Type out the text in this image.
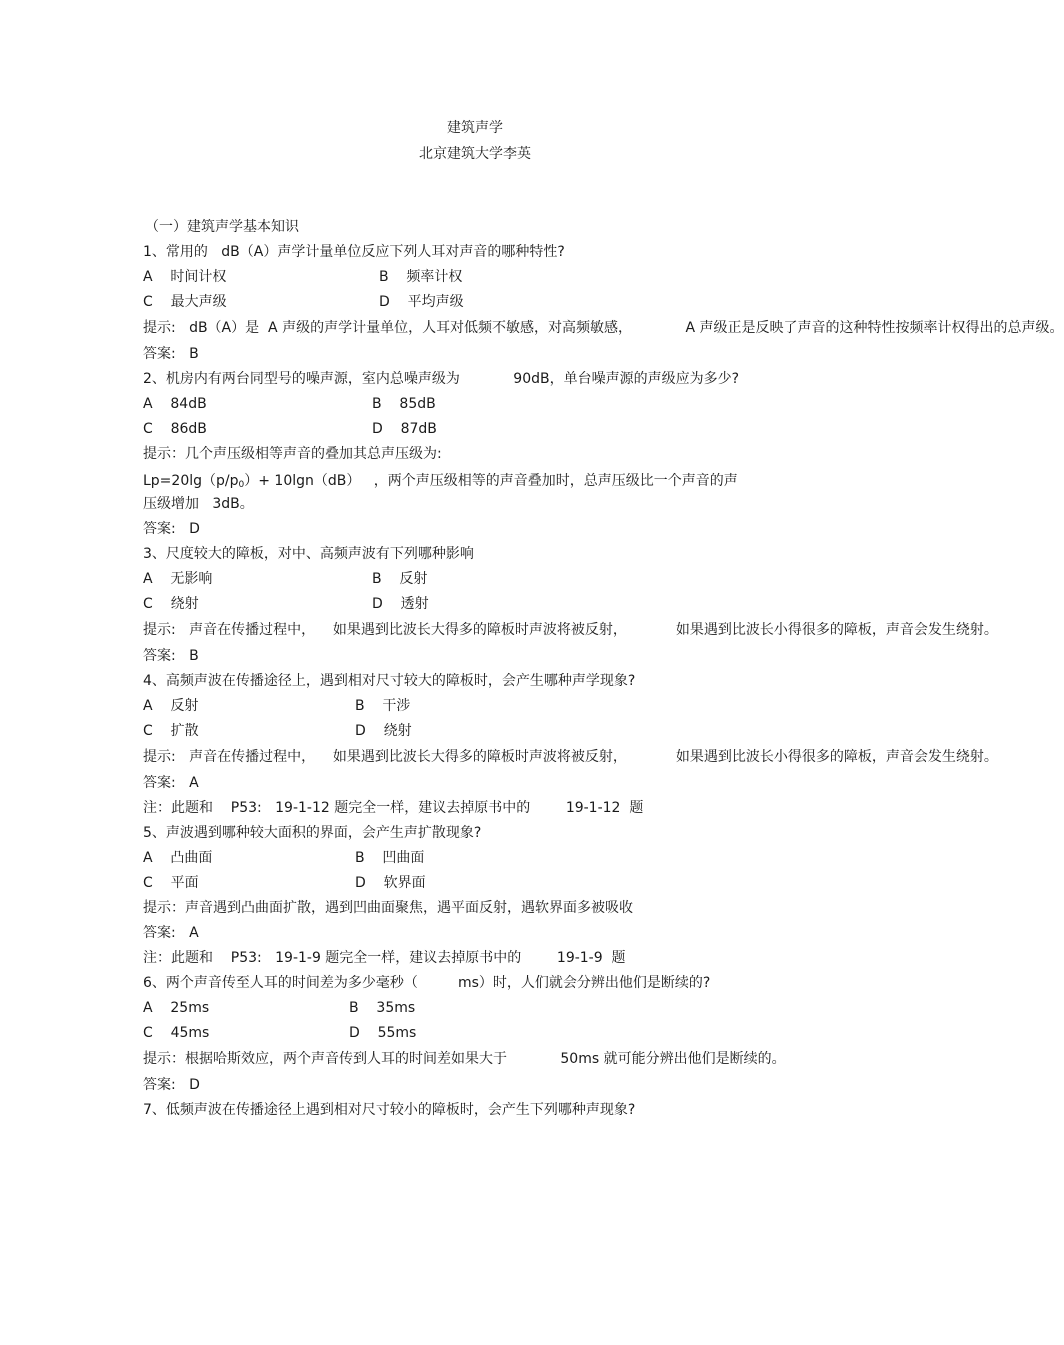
建筑声学
北京建筑大学李英
（一）建筑声学基本知识
1、常用的   dB（A）声学计量单位反应下列人耳对声音的哪种特性?
A    时间计权	B    频率计权
C    最大声级	D    平均声级
提示:   dB（A）是  A 声级的声学计量单位，人耳对低频不敏感，对高频敏感，            A 声级正是反映了声音的这种特性按频率计权得出的总声级。
答案:   B
2、机房内有两台同型号的噪声源，室内总噪声级为            90dB，单台噪声源的声级应为多少?
A    84dB	B    85dB
C    86dB	D    87dB
提示：几个声压级相等声音的叠加其总声压级为:
$Lp=20\lg(p/p_0)+ 10\lg n(dB)$   ，两个声压级相等的声音叠加时，总声压级比一个声音的声
压级增加   3dB。
答案:   D
3、尺度较大的障板，对中、高频声波有下列哪种影响
A    无影响	B    反射
C    绕射	D    透射
提示:   声音在传播过程中，    如果遇到比波长大得多的障板时声波将被反射，           如果遇到比波长小得很多的障板，声音会发生绕射。
答案:   B
4、高频声波在传播途径上，遇到相对尺寸较大的障板时，会产生哪种声学现象?
A    反射	B    干涉
C    扩散	D    绕射
提示:   声音在传播过程中，    如果遇到比波长大得多的障板时声波将被反射，           如果遇到比波长小得很多的障板，声音会发生绕射。
答案:   A
注：此题和    P53:   19-1-12 题完全一样，建议去掉原书中的        19-1-12  题
5、声波遇到哪种较大面积的界面，会产生声扩散现象?
A    凸曲面	B    凹曲面
C    平面	D    软界面
提示：声音遇到凸曲面扩散，遇到凹曲面聚焦，遇平面反射，遇软界面多被吸收
答案:   A
注：此题和    P53:   19-1-9 题完全一样，建议去掉原书中的        19-1-9  题
6、两个声音传至人耳的时间差为多少毫秒（         ms）时，人们就会分辨出他们是断续的?
A    25ms	B    35ms
C    45ms	D    55ms
提示：根据哈斯效应，两个声音传到人耳的时间差如果大于            50ms 就可能分辨出他们是断续的。
答案:   D
7、低频声波在传播途径上遇到相对尺寸较小的障板时，会产生下列哪种声现象?
